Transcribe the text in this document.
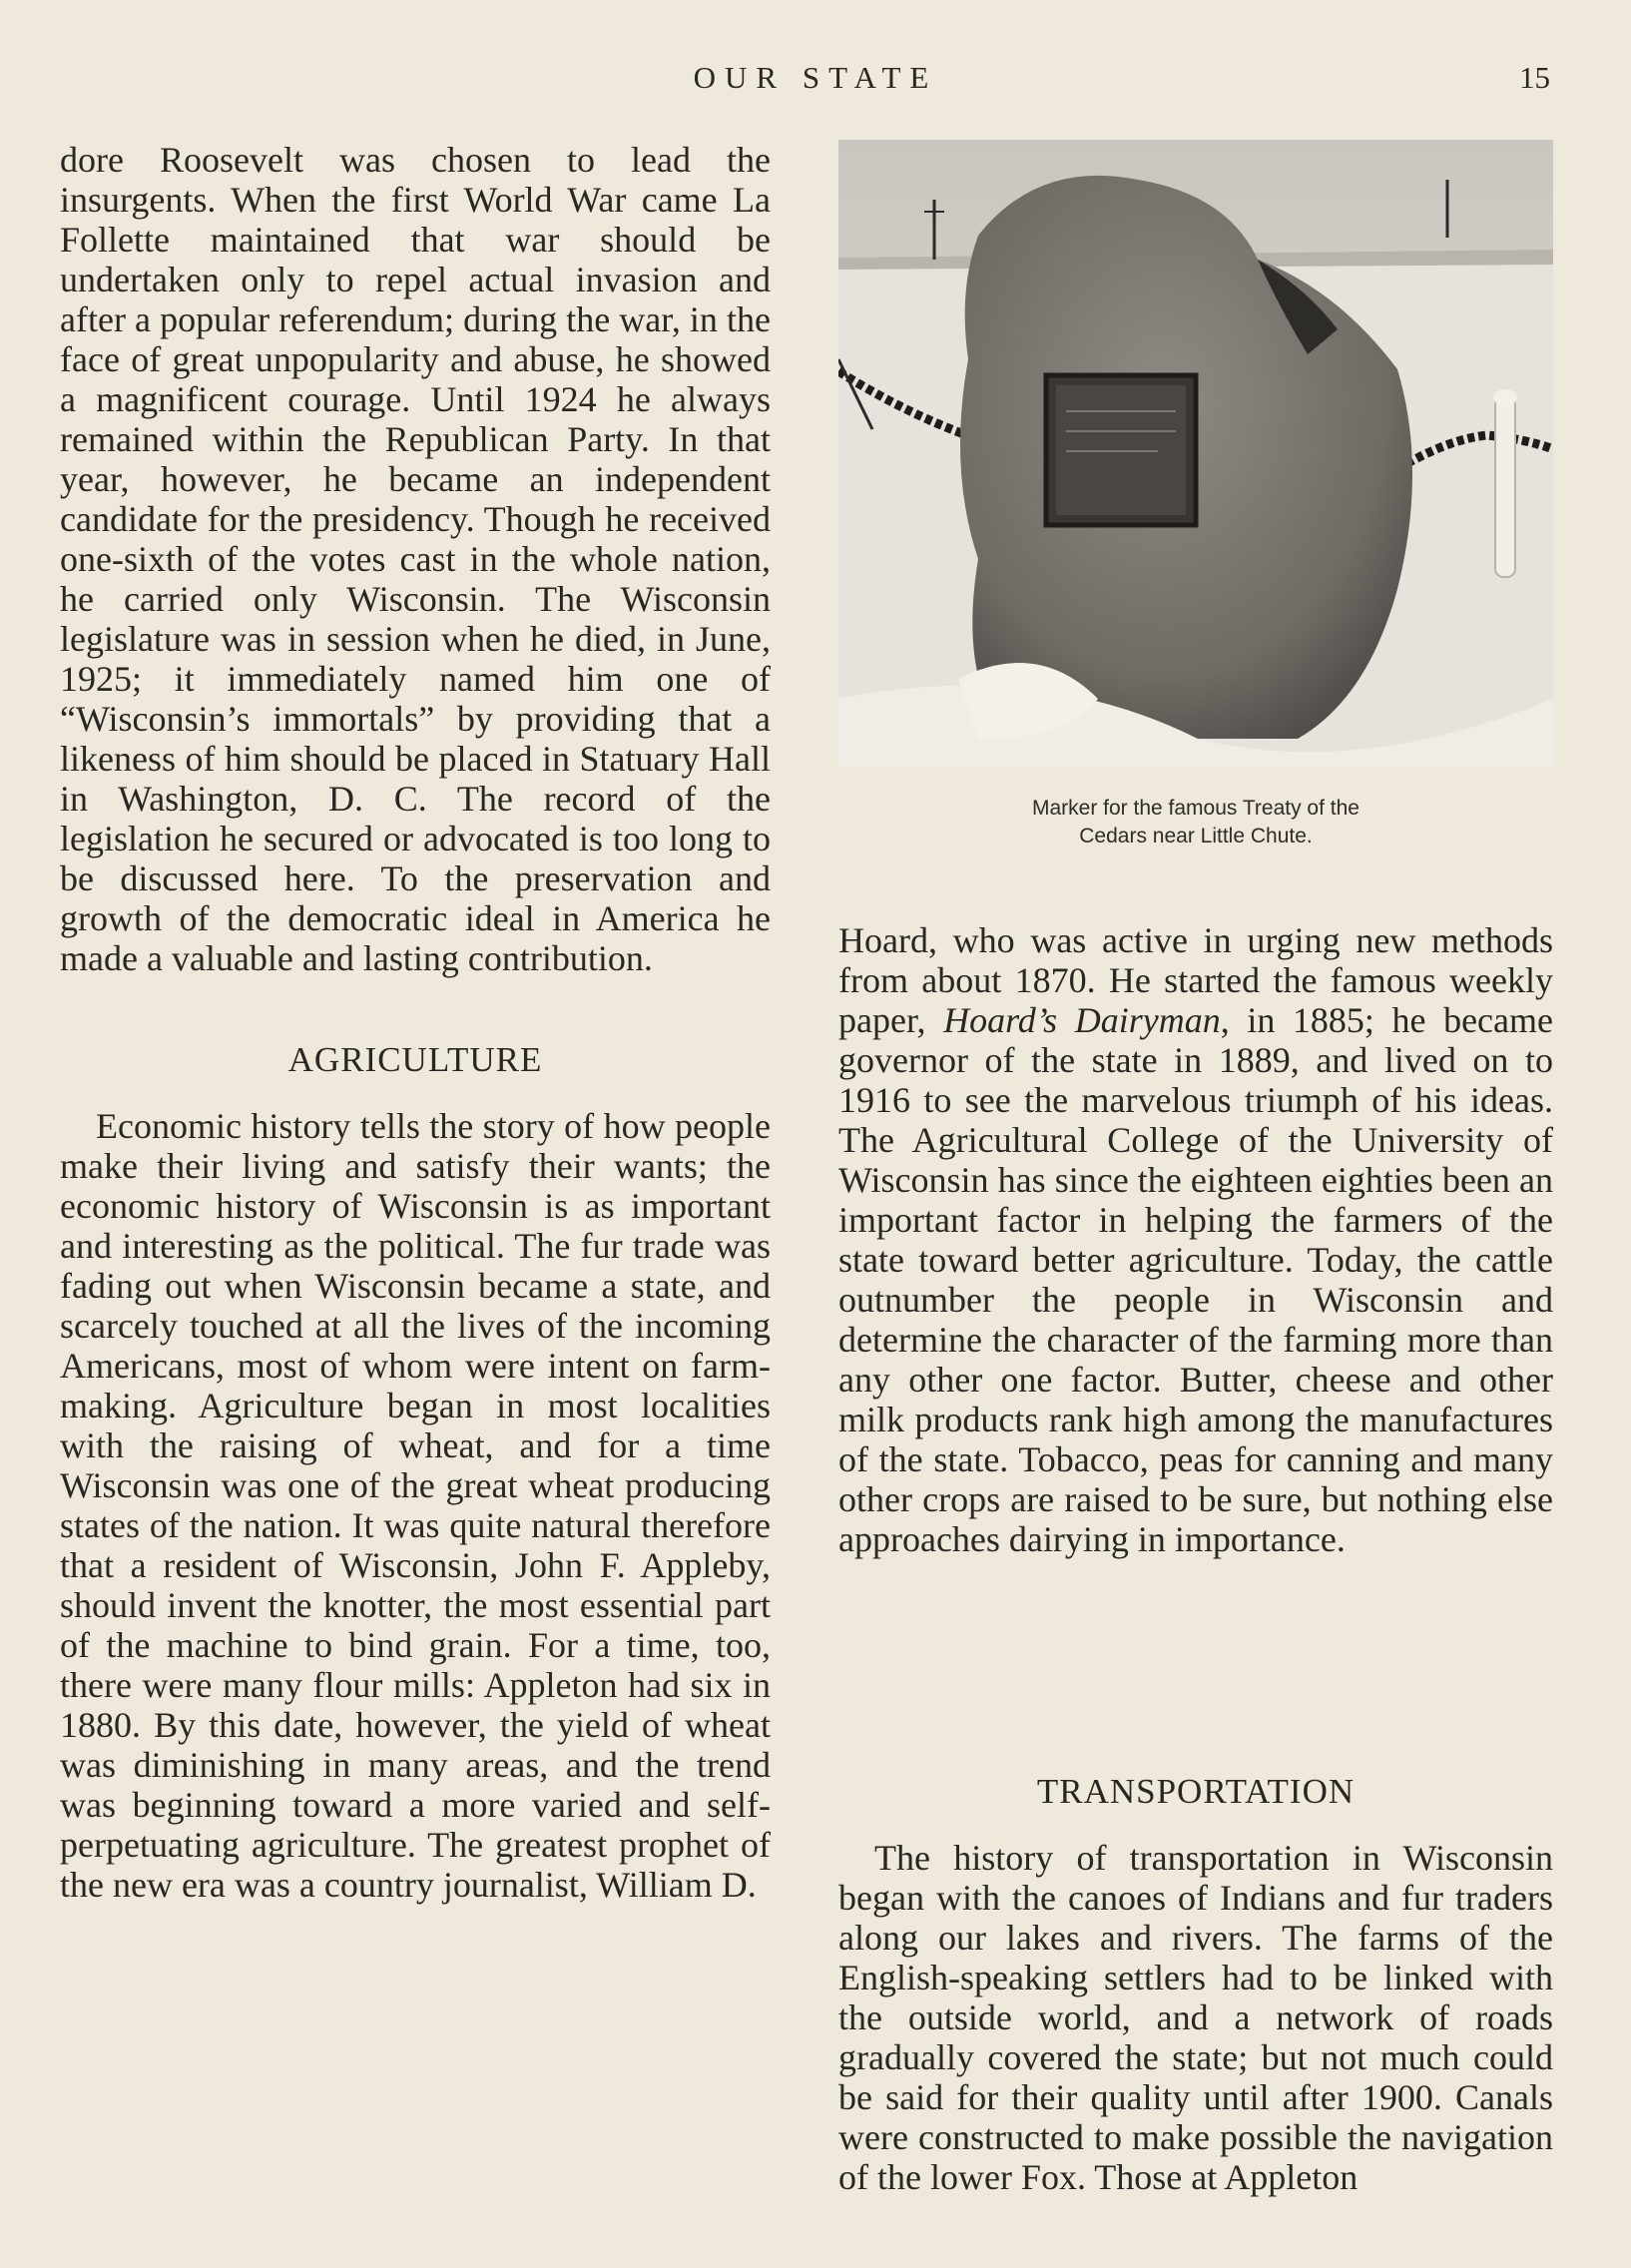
OUR STATE	15

dore Roosevelt was chosen to lead the insurgents. When the first World War came La Follette maintained that war should be undertaken only to repel actual invasion and after a popular referendum; during the war, in the face of great unpopularity and abuse, he showed a magnificent courage. Until 1924 he always remained within the Republican Party. In that year, however, he became an independent candidate for the presidency. Though he received one-sixth of the votes cast in the whole nation, he carried only Wisconsin. The Wisconsin legislature was in session when he died, in June, 1925; it immediately named him one of “Wisconsin’s immortals” by providing that a likeness of him should be placed in Statuary Hall in Washington, D. C. The record of the legislation he secured or advocated is too long to be discussed here. To the preservation and growth of the democratic ideal in America he made a valuable and lasting contribution.

AGRICULTURE

Economic history tells the story of how people make their living and satisfy their wants; the economic history of Wisconsin is as important and interesting as the political. The fur trade was fading out when Wisconsin became a state, and scarcely touched at all the lives of the incoming Americans, most of whom were intent on farm-making. Agriculture began in most localities with the raising of wheat, and for a time Wisconsin was one of the great wheat producing states of the nation. It was quite natural therefore that a resident of Wisconsin, John F. Appleby, should invent the knotter, the most essential part of the machine to bind grain. For a time, too, there were many flour mills: Appleton had six in 1880. By this date, however, the yield of wheat was diminishing in many areas, and the trend was beginning toward a more varied and self-perpetuating agriculture. The greatest prophet of the new era was a country journalist, William D.

Marker for the famous Treaty of the
Cedars near Little Chute.

Hoard, who was active in urging new methods from about 1870. He started the famous weekly paper, Hoard’s Dairyman, in 1885; he became governor of the state in 1889, and lived on to 1916 to see the marvelous triumph of his ideas. The Agricultural College of the University of Wisconsin has since the eighteen eighties been an important factor in helping the farmers of the state toward better agriculture. Today, the cattle outnumber the people in Wisconsin and determine the character of the farming more than any other one factor. Butter, cheese and other milk products rank high among the manufactures of the state. Tobacco, peas for canning and many other crops are raised to be sure, but nothing else approaches dairying in importance.

TRANSPORTATION

The history of transportation in Wisconsin began with the canoes of Indians and fur traders along our lakes and rivers. The farms of the English-speaking settlers had to be linked with the outside world, and a network of roads gradually covered the state; but not much could be said for their quality until after 1900. Canals were constructed to make possible the navigation of the lower Fox. Those at Appleton
